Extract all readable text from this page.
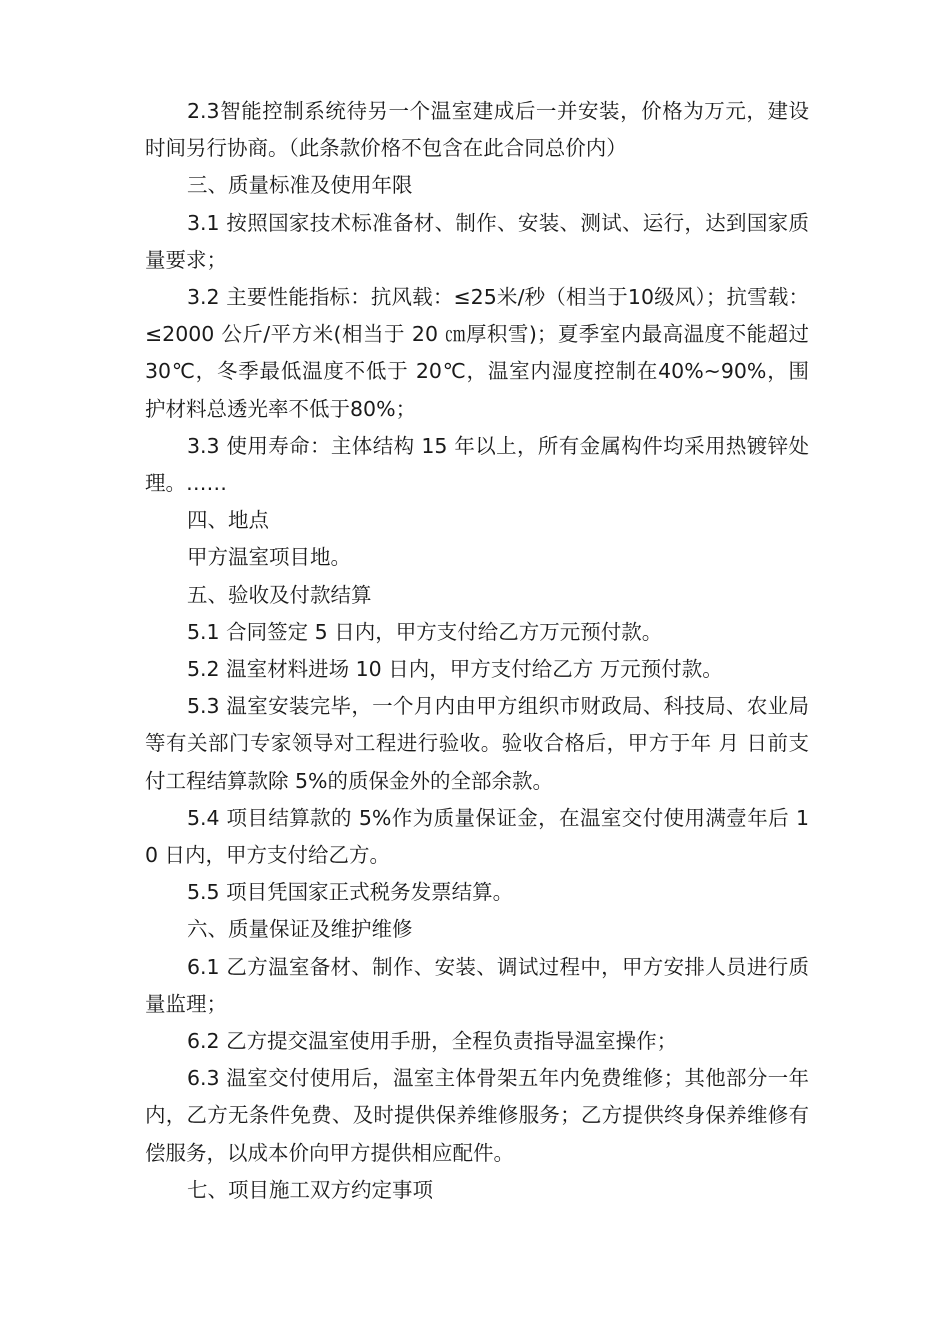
2.3智能控制系统待另一个温室建成后一并安装，价格为万元，建设时间另行协商。（此条款价格不包含在此合同总价内）

三、质量标准及使用年限

3.1 按照国家技术标准备材、制作、安装、测试、运行，达到国家质量要求；

3.2 主要性能指标：抗风载：≤25米/秒（相当于10级风）；抗雪载：≤2000 公斤/平方米(相当于 20 ㎝厚积雪)；夏季室内最高温度不能超过 30℃，冬季最低温度不低于 20℃，温室内湿度控制在40%~90%，围护材料总透光率不低于80%；

3.3 使用寿命：主体结构 15 年以上，所有金属构件均采用热镀锌处理。……

四、地点

甲方温室项目地。

五、验收及付款结算

5.1 合同签定 5 日内，甲方支付给乙方万元预付款。

5.2 温室材料进场 10 日内，甲方支付给乙方 万元预付款。

5.3 温室安装完毕，一个月内由甲方组织市财政局、科技局、农业局等有关部门专家领导对工程进行验收。验收合格后，甲方于年 月 日前支付工程结算款除 5%的质保金外的全部余款。

5.4 项目结算款的 5%作为质量保证金，在温室交付使用满壹年后 10 日内，甲方支付给乙方。

5.5 项目凭国家正式税务发票结算。

六、质量保证及维护维修

6.1 乙方温室备材、制作、安装、调试过程中，甲方安排人员进行质量监理；

6.2 乙方提交温室使用手册，全程负责指导温室操作；

6.3 温室交付使用后，温室主体骨架五年内免费维修；其他部分一年内，乙方无条件免费、及时提供保养维修服务；乙方提供终身保养维修有偿服务，以成本价向甲方提供相应配件。

七、项目施工双方约定事项
